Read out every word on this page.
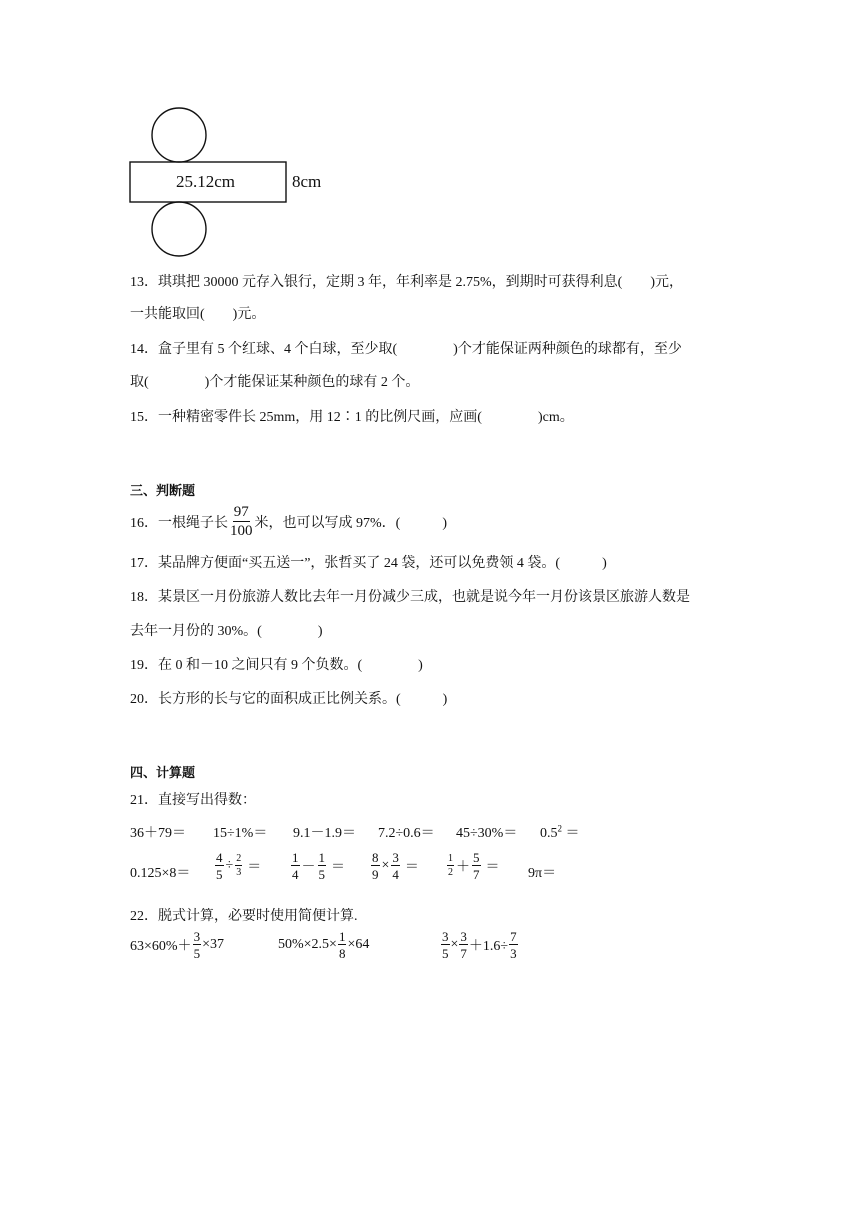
25.12cm	8cm
13．琪琪把 30000 元存入银行，定期 3 年，年利率是 2.75%，到期时可获得利息(　　)元，
一共能取回(　　)元。
14．盒子里有 5 个红球、4 个白球，至少取(　　　　)个才能保证两种颜色的球都有，至少
取(　　　　)个才能保证某种颜色的球有 2 个。
15．一种精密零件长 25mm，用 12∶1 的比例尺画，应画(　　　　)cm。
三、判断题
16．一根绳子长 $\frac{97}{100}$ 米，也可以写成 97%．(　　　)
17．某品牌方便面“买五送一”，张哲买了 24 袋，还可以免费领 4 袋。(　　　)
18．某景区一月份旅游人数比去年一月份减少三成，也就是说今年一月份该景区旅游人数是
去年一月份的 30%。(　　　　)
19．在 0 和－10 之间只有 9 个负数。(　　　　)
20．长方形的长与它的面积成正比例关系。(　　　)
四、计算题
21．直接写出得数：
$36+79= 15\div 1\%= 9.1-1.9= 7.2\div 0.6= 45\div 30\%= 0.5^2$ ＝
$0.125\times 8= \frac{4}{5} \div \frac{2}{3} = \frac{1}{4} - \frac{1}{5} = \frac{8}{9} \times \frac{3}{4}$ ＝	$\frac{1}{2} + \frac{5}{7} = 9\pi=$
22．脱式计算，必要时使用简便计算.
$63\times 60\%+ \frac{3}{5} \times 37$	$50\%\times 2.5\times \frac{1}{8} \times 64$	$\frac{3}{5} \times \frac{3}{7} +1.6\div \frac{7}{3}$
